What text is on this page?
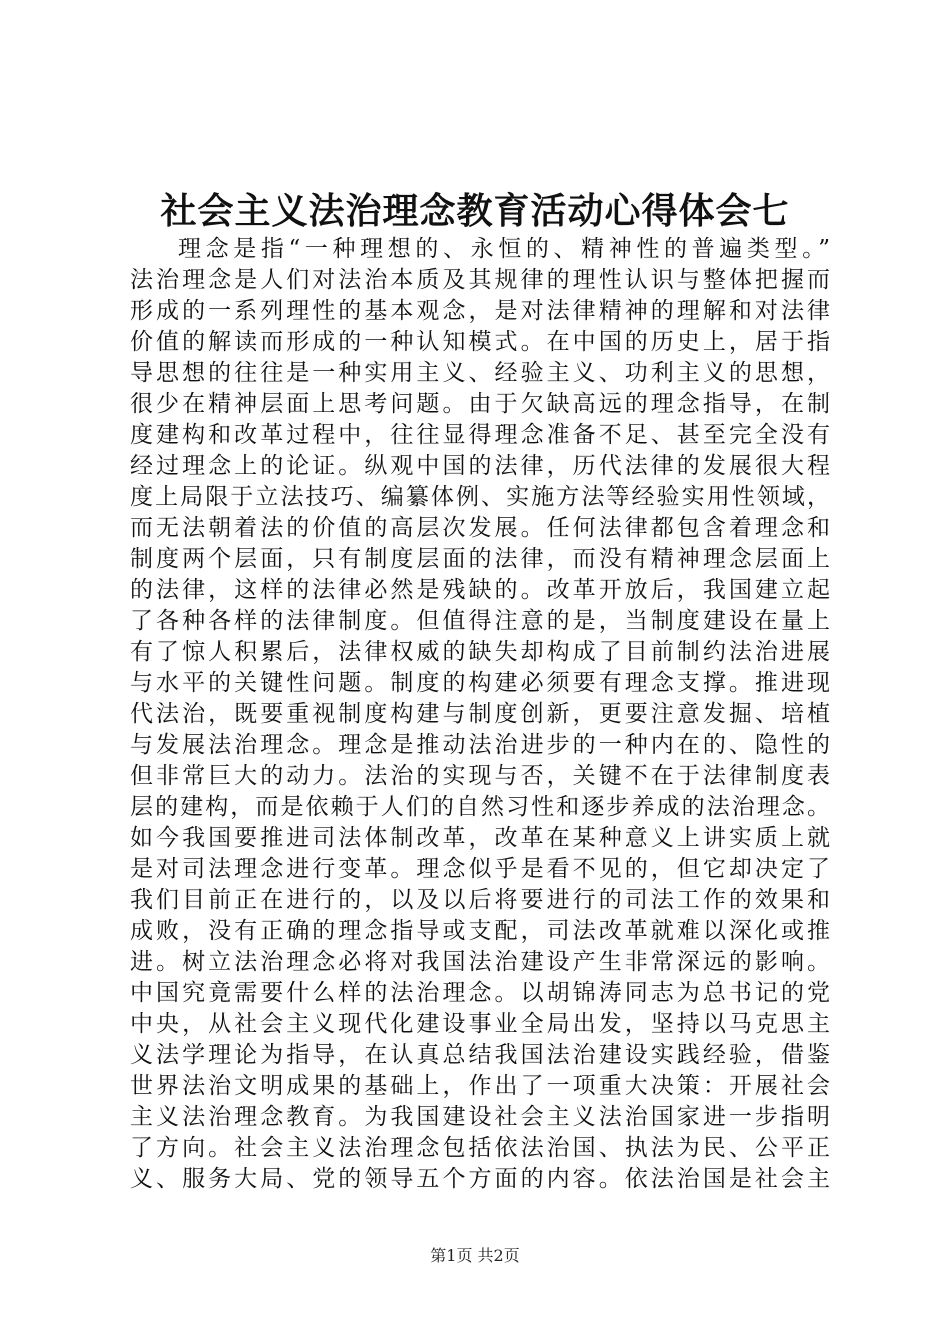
社会主义法治理念教育活动心得体会七
理念是指“一种理想的、永恒的、精神性的普遍类型。”
法治理念是人们对法治本质及其规律的理性认识与整体把握而
形成的一系列理性的基本观念，是对法律精神的理解和对法律
价值的解读而形成的一种认知模式。在中国的历史上，居于指
导思想的往往是一种实用主义、经验主义、功利主义的思想，
很少在精神层面上思考问题。由于欠缺高远的理念指导，在制
度建构和改革过程中，往往显得理念准备不足、甚至完全没有
经过理念上的论证。纵观中国的法律，历代法律的发展很大程
度上局限于立法技巧、编纂体例、实施方法等经验实用性领域，
而无法朝着法的价值的高层次发展。任何法律都包含着理念和
制度两个层面，只有制度层面的法律，而没有精神理念层面上
的法律，这样的法律必然是残缺的。改革开放后，我国建立起
了各种各样的法律制度。但值得注意的是，当制度建设在量上
有了惊人积累后，法律权威的缺失却构成了目前制约法治进展
与水平的关键性问题。制度的构建必须要有理念支撑。推进现
代法治，既要重视制度构建与制度创新，更要注意发掘、培植
与发展法治理念。理念是推动法治进步的一种内在的、隐性的
但非常巨大的动力。法治的实现与否，关键不在于法律制度表
层的建构，而是依赖于人们的自然习性和逐步养成的法治理念。
如今我国要推进司法体制改革，改革在某种意义上讲实质上就
是对司法理念进行变革。理念似乎是看不见的，但它却决定了
我们目前正在进行的，以及以后将要进行的司法工作的效果和
成败，没有正确的理念指导或支配，司法改革就难以深化或推
进。树立法治理念必将对我国法治建设产生非常深远的影响。
中国究竟需要什么样的法治理念。以胡锦涛同志为总书记的党
中央，从社会主义现代化建设事业全局出发，坚持以马克思主
义法学理论为指导，在认真总结我国法治建设实践经验，借鉴
世界法治文明成果的基础上，作出了一项重大决策：开展社会
主义法治理念教育。为我国建设社会主义法治国家进一步指明
了方向。社会主义法治理念包括依法治国、执法为民、公平正
义、服务大局、党的领导五个方面的内容。依法治国是社会主
第1页 共2页
